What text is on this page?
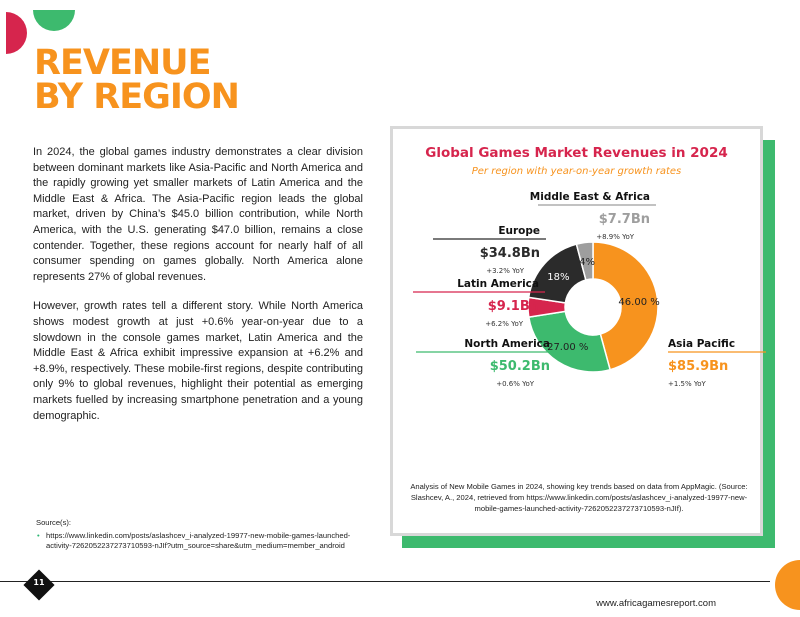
REVENUE
BY REGION

In 2024, the global games industry demonstrates a clear division between dominant markets like Asia-Pacific and North America and the rapidly growing yet smaller markets of Latin America and the Middle East & Africa. The Asia-Pacific region leads the global market, driven by China’s $45.0 billion contribution, while North America, with the U.S. generating $47.0 billion, remains a close contender. Together, these regions account for nearly half of all consumer spending on games globally. North America alone represents 27% of global revenues.

However, growth rates tell a different story. While North America shows modest growth at just +0.6% year-on-year due to a slowdown in the console games market, Latin America and the Middle East & Africa exhibit impressive expansion at +6.2% and +8.9%, respectively. These mobile-first regions, despite contributing only 9% to global revenues, highlight their potential as emerging markets fuelled by increasing smartphone penetration and a young demographic.

Source(s):
• https://www.linkedin.com/posts/aslashcev_i-analyzed-19977-new-mobile-games-launched-activity-7262052237273710593-nJIf?utm_source=share&utm_medium=member_android
Global Games Market Revenues in 2024
Per region with year-on-year growth rates
46.00 %
27.00 %
18%
4%
Asia Pacific
$85.9Bn
+1.5% YoY
North America
$50.2Bn
+0.6% YoY
Latin America
$9.1Bn
+6.2% YoY
Europe
$34.8Bn
+3.2% YoY
Middle East & Africa
$7.7Bn
+8.9% YoY
Analysis of New Mobile Games in 2024, showing key trends based on data from AppMagic. (Source: Slashcev, A., 2024, retrieved from https://www.linkedin.com/posts/aslashcev_i-analyzed-19977-new-mobile-games-launched-activity-7262052237273710593-nJIf).
11
www.africagamesreport.com
